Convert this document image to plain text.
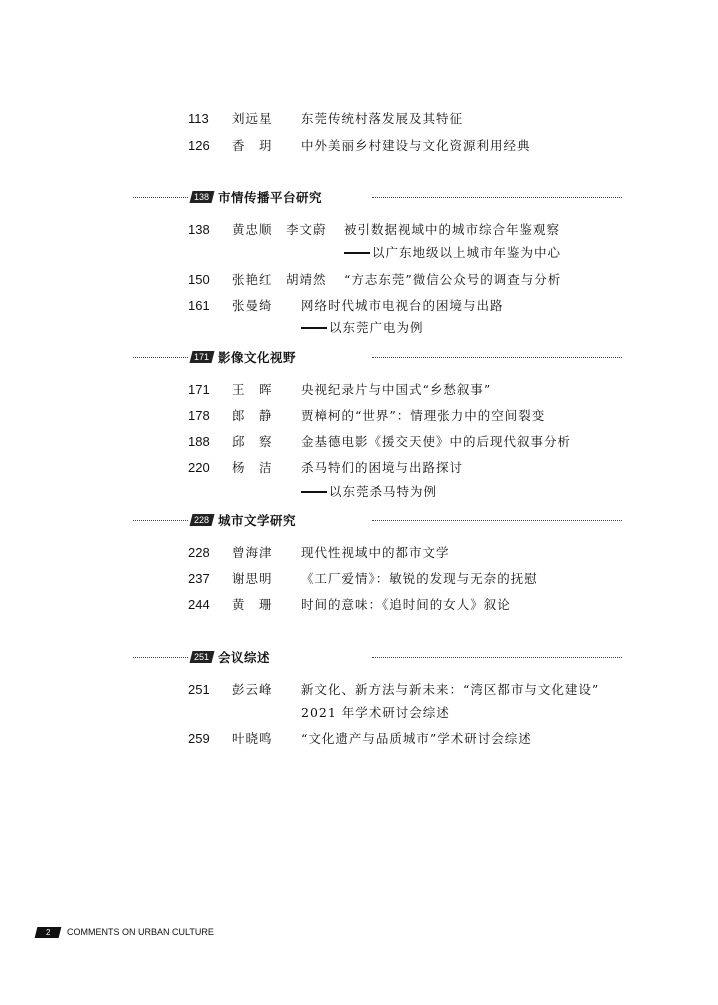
113 刘远星 东莞传统村落发展及其特征
126 香　玥 中外美丽乡村建设与文化资源利用经典
138 市情传播平台研究
138 黄忠顺　李文蔚 被引数据视域中的城市综合年鉴观察
以广东地级以上城市年鉴为中心
150 张艳红　胡靖然 “方志东莞”微信公众号的调查与分析
161 张曼绮 网络时代城市电视台的困境与出路
以东莞广电为例
171 影像文化视野
171 王　晖 央视纪录片与中国式“乡愁叙事”
178 郎　静 贾樟柯的“世界”：情理张力中的空间裂变
188 邱　察 金基德电影《援交天使》中的后现代叙事分析
220 杨　洁 杀马特们的困境与出路探讨
以东莞杀马特为例
228 城市文学研究
228 曾海津 现代性视域中的都市文学
237 谢思明 《工厂爱情》：敏锐的发现与无奈的抚慰
244 黄　珊 时间的意味：《追时间的女人》叙论
251 会议综述
251 彭云峰 新文化、新方法与新未来：“湾区都市与文化建设”
2021 年学术研讨会综述
259 叶晓鸣 “文化遗产与品质城市”学术研讨会综述
2	COMMENTS ON URBAN CULTURE
